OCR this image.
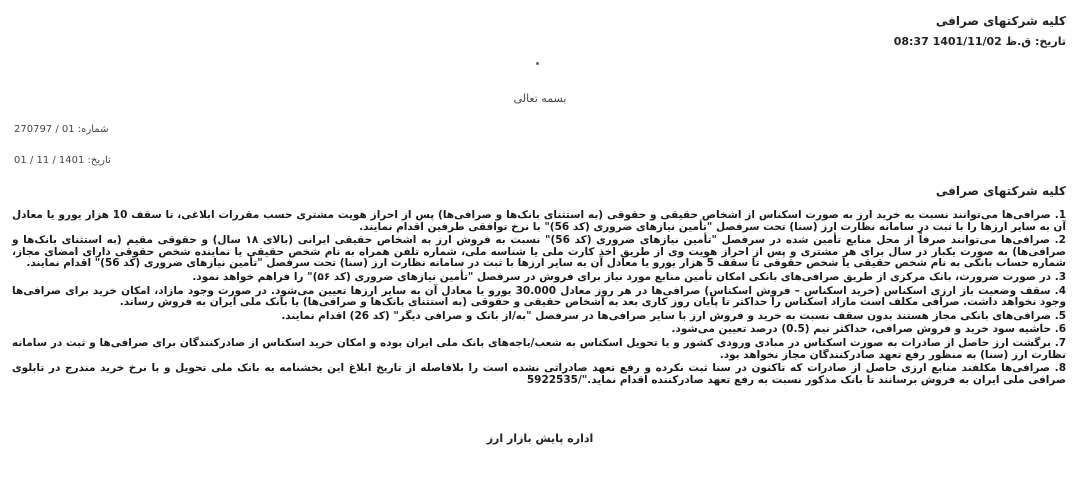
کلیه شرکتهای صرافی
تاریخ: ق.ظ 1401/11/02 08:37
بسمه تعالی
شماره: 270797 / 01
تاریخ: 01 / 11 / 1401
کلیه شرکتهای صرافی

1. صرافی‌ها می‌توانند نسبت به خرید ارز به صورت اسکناس از اشخاص حقیقی و حقوقی (به استثنای بانک‌ها و صرافی‌ها) پس از احراز هویت مشتری حسب مقررات ابلاغی، تا سقف 10 هزار یورو یا معادل آن به سایر ارزها را با ثبت در سامانه نظارت ارز (سنا) تحت سرفصل "تأمین نیازهای ضروری (کد 56)" با نرخ توافقی طرفین اقدام نمایند.

2. صرافی‌ها می‌توانند صرفاً از محل منابع تأمین شده در سرفصل "تأمین نیازهای ضروری (کد 56)" نسبت به فروش ارز به اشخاص حقیقی ایرانی (بالای ۱۸ سال) و حقوقی مقیم (به استثنای بانک‌ها و صرافی‌ها) به صورت یکبار در سال برای هر مشتری و پس از احراز هویت وی از طریق اخذ کارت ملی یا شناسه ملی، شماره تلفن همراه به نام شخص حقیقی یا نماینده شخص حقوقی دارای امضای مجاز، شماره حساب بانکی به نام شخص حقیقی یا شخص حقوقی تا سقف 5 هزار یورو یا معادل آن به سایر ارزها با ثبت در سامانه نظارت ارز (سنا) تحت سرفصل "تأمین نیازهای ضروری (کد 56)" اقدام نمایند.

3. در صورت ضرورت، بانک مرکزی از طریق صرافی‌های بانکی امکان تأمین منابع مورد نیاز برای فروش در سرفصل "تأمین نیازهای ضروری (کد ۵۶)" را فراهم خواهد نمود.

4. سقف وضعیت باز ارزی اسکناس (خرید اسکناس – فروش اسکناس) صرافی‌ها در هر روز معادل 30.000 یورو یا معادل آن به سایر ارزها تعیین می‌شود. در صورت وجود مازاد، امکان خرید برای صرافی‌ها وجود نخواهد داشت. صرافی مکلف است مازاد اسکناس را حداکثر تا پایان روز کاری بعد به اشخاص حقیقی و حقوقی (به استثنای بانک‌ها و صرافی‌ها) یا بانک ملی ایران به فروش رساند.

5. صرافی‌های بانکی مجاز هستند بدون سقف نسبت به خرید و فروش ارز با سایر صرافی‌ها در سرفصل "به/از بانک و صرافی دیگر" (کد 26) اقدام نمایند.

6. حاشیه سود خرید و فروش صرافی، حداکثر نیم (0.5) درصد تعیین می‌شود.

7. برگشت ارز حاصل از صادرات به صورت اسکناس در مبادی ورودی کشور و یا تحویل اسکناس به شعب/باجه‌های بانک ملی ایران بوده و امکان خرید اسکناس از صادرکنندگان برای صرافی‌ها و ثبت در سامانه نظارت ارز (سنا) به منظور رفع تعهد صادرکنندگان مجاز نخواهد بود.

8. صرافی‌ها مکلفند منابع ارزی حاصل از صادرات که تاکنون در سنا ثبت نکرده و رفع تعهد صادراتی نشده است را بلافاصله از تاریخ ابلاغ این بخشنامه به بانک ملی تحویل و با نرخ خرید مندرج در تابلوی صرافی ملی ایران به فروش برسانند تا بانک مذکور نسبت به رفع تعهد صادرکننده اقدام نماید."/5922535

اداره پایش بازار ارز
